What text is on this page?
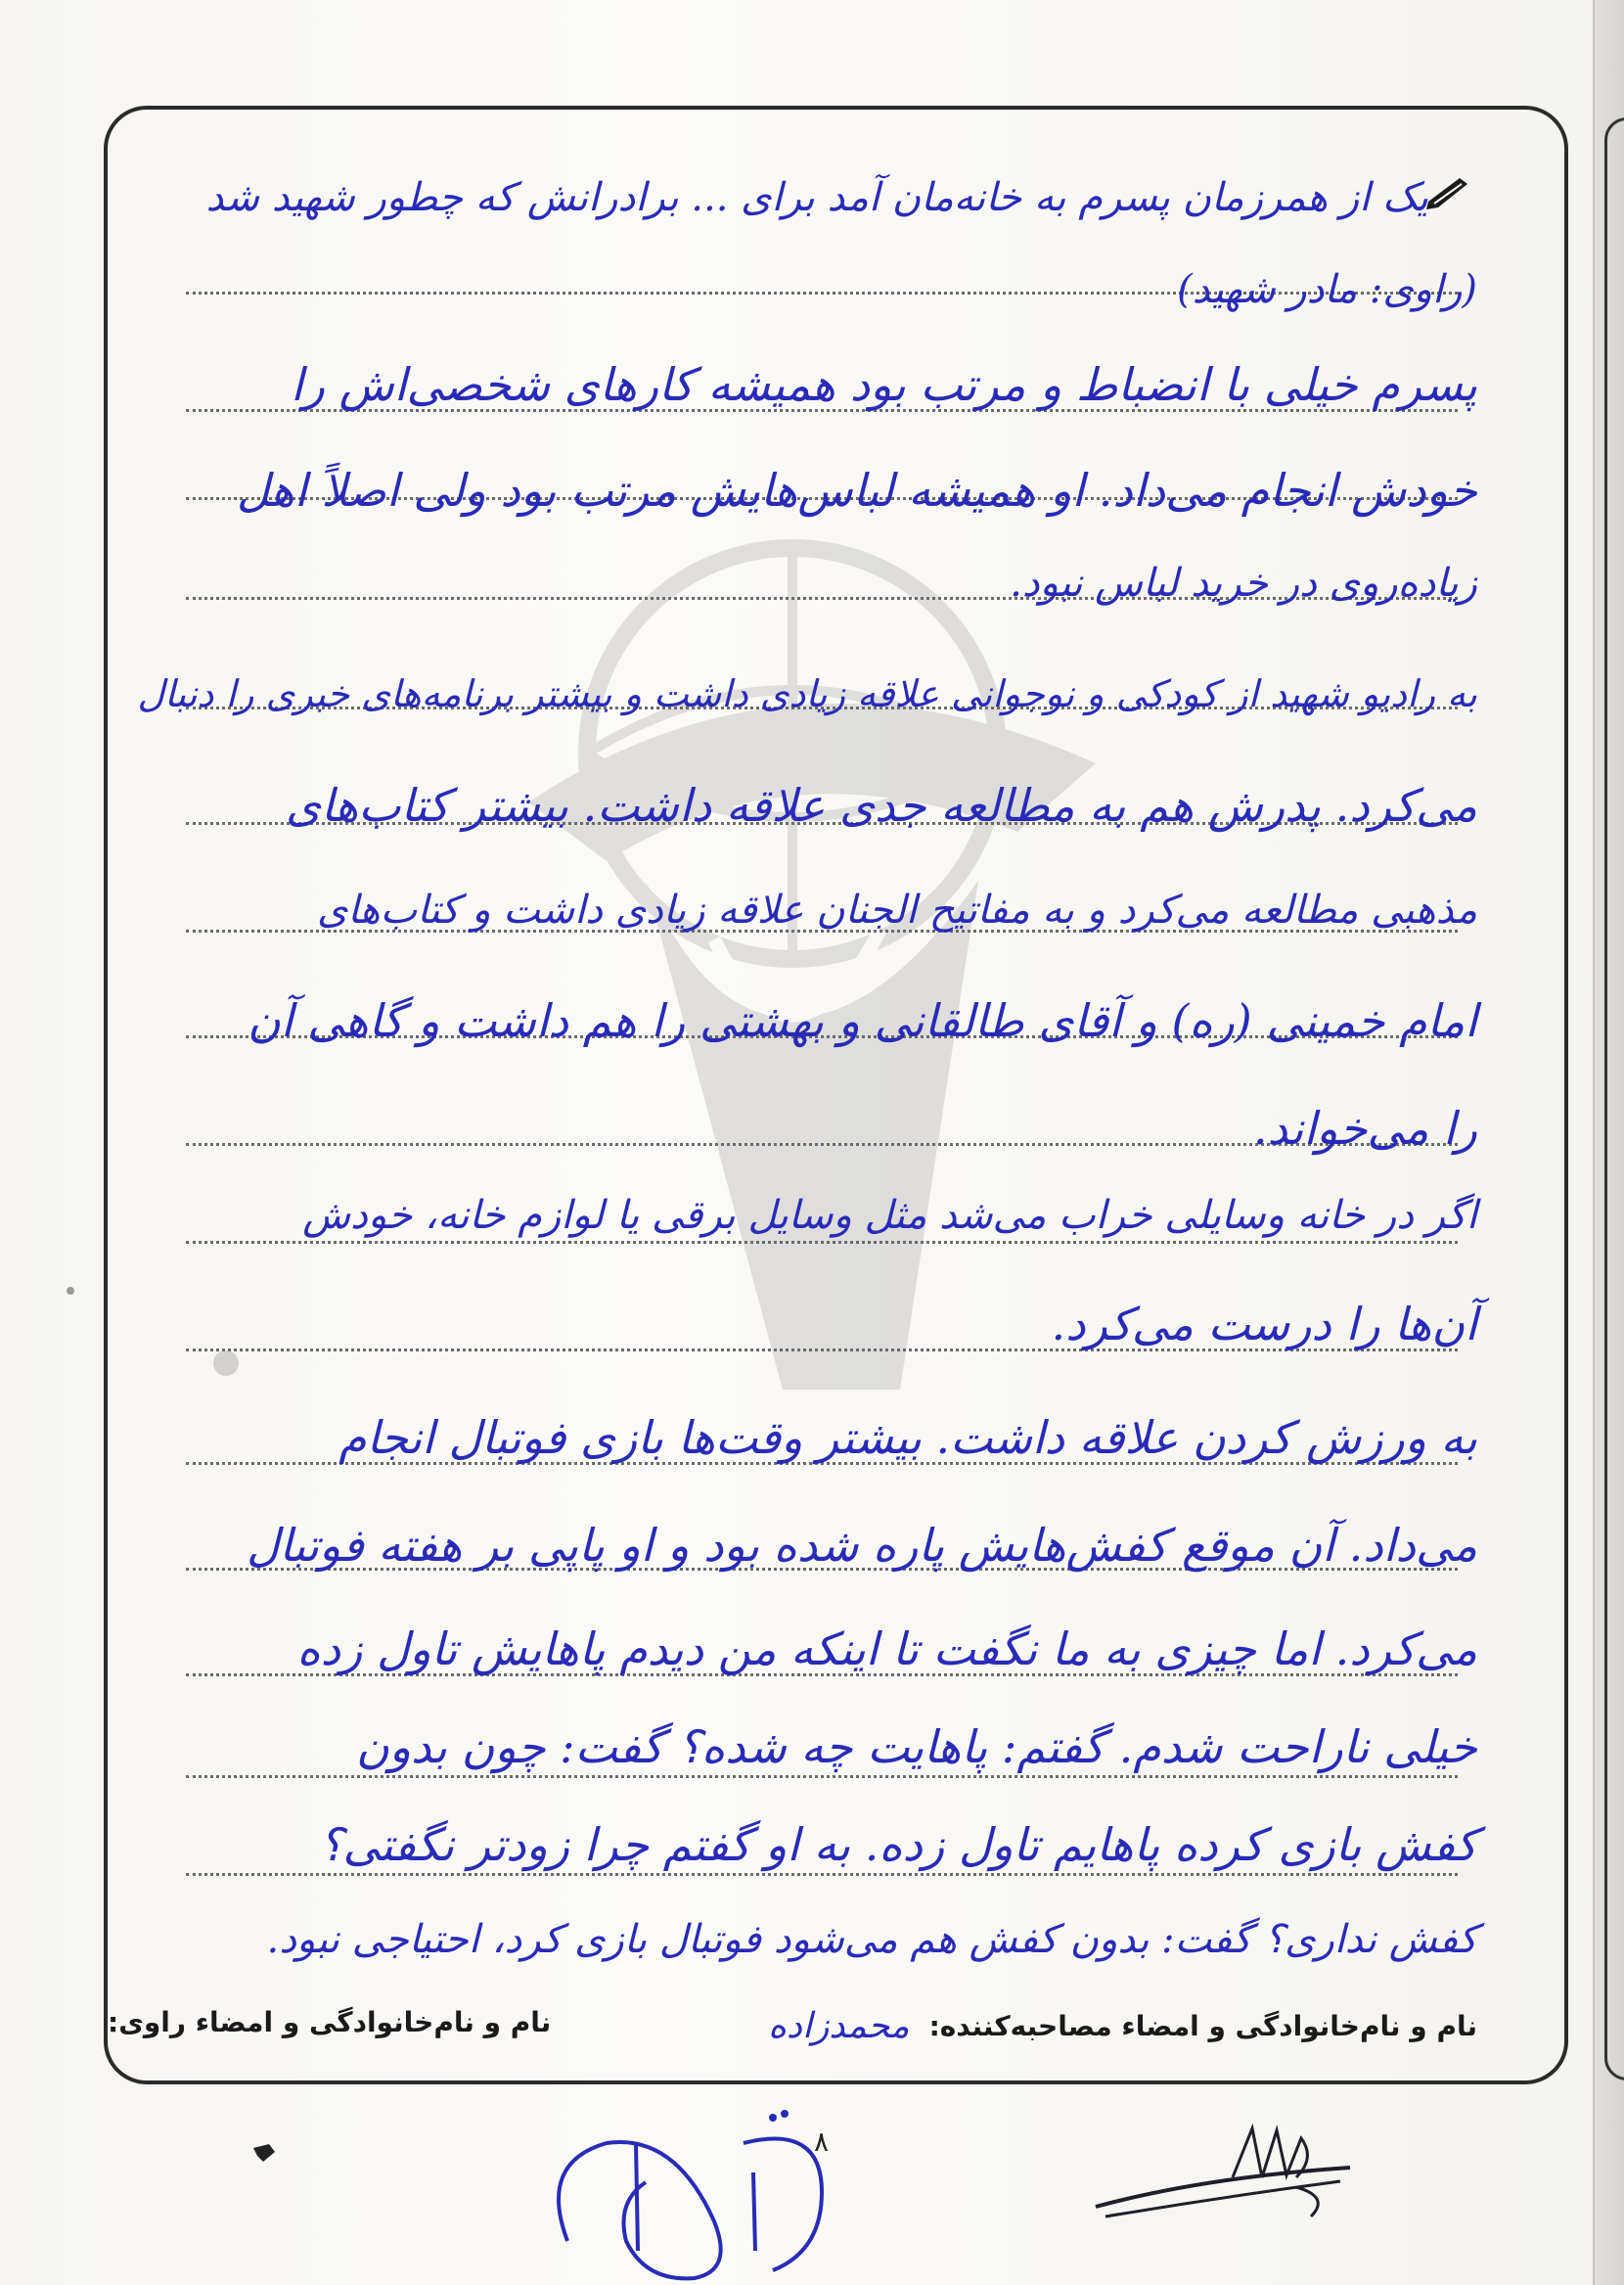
یک از همرزمان پسرم به خانه‌مان آمد برای ... برادرانش که چطور شهید شد
(راوی: مادر شهید)
پسرم خیلی با انضباط و مرتب بود همیشه کارهای شخصی‌اش را
خودش انجام می‌داد. او همیشه لباس‌هایش مرتب بود ولی اصلاً اهل
زیاده‌روی در خرید لباس نبود.
به رادیو شهید از کودکی و نوجوانی علاقه زیادی داشت و بیشتر برنامه‌های خبری را دنبال
می‌کرد. پدرش هم به مطالعه جدی علاقه داشت. بیشتر کتاب‌های
مذهبی مطالعه می‌کرد و به مفاتیح الجنان علاقه زیادی داشت و کتاب‌های
امام خمینی (ره) و آقای طالقانی و بهشتی را هم داشت و گاهی آن
را می‌خواند.
اگر در خانه وسایلی خراب می‌شد مثل وسایل برقی یا لوازم خانه، خودش
آن‌ها را درست می‌کرد.
به ورزش کردن علاقه داشت. بیشتر وقت‌ها بازی فوتبال انجام
می‌داد. آن موقع کفش‌هایش پاره شده بود و او پاپی بر هفته فوتبال
می‌کرد. اما چیزی به ما نگفت تا اینکه من دیدم پاهایش تاول زده
خیلی ناراحت شدم. گفتم: پاهایت چه شده؟ گفت: چون بدون
کفش بازی کرده پاهایم تاول زده. به او گفتم چرا زودتر نگفتی؟
کفش نداری؟ گفت: بدون کفش هم می‌شود فوتبال بازی کرد، احتیاجی نبود.
نام و نام‌خانوادگی و امضاء مصاحبه‌کننده:
محمدزاده
نام و نام‌خانوادگی و امضاء راوی:
۸
